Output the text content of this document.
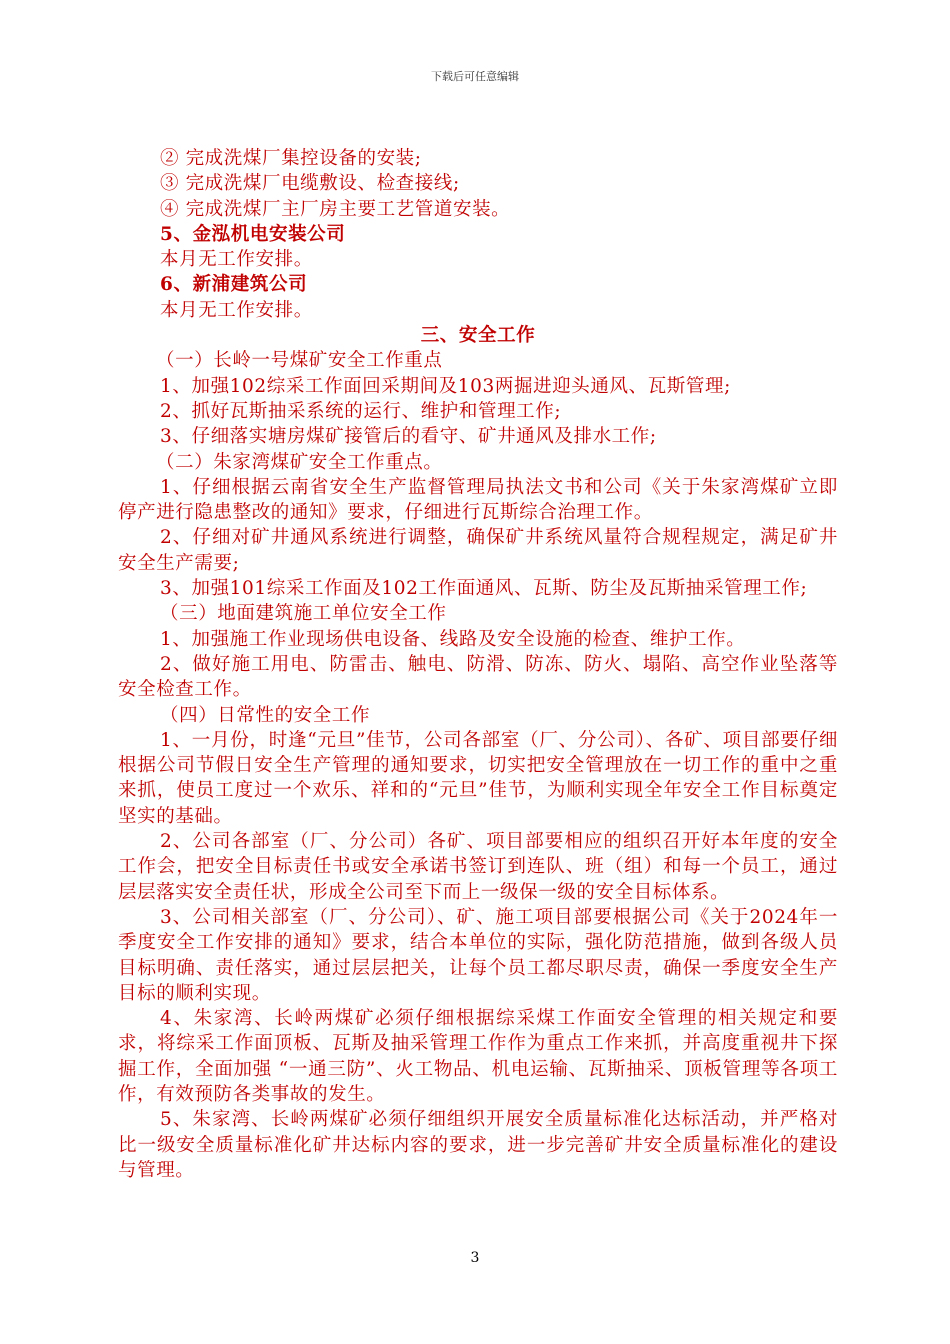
下载后可任意编辑

② 完成洗煤厂集控设备的安装;

③ 完成洗煤厂电缆敷设、检查接线;

④ 完成洗煤厂主厂房主要工艺管道安装。

5、金泓机电安装公司

本月无工作安排。

6、新浦建筑公司

本月无工作安排。

三、安全工作

（一）长岭一号煤矿安全工作重点

1、加强102综采工作面回采期间及103两掘进迎头通风、瓦斯管理;

2、抓好瓦斯抽采系统的运行、维护和管理工作;

3、仔细落实塘房煤矿接管后的看守、矿井通风及排水工作;

（二）朱家湾煤矿安全工作重点。

1、仔细根据云南省安全生产监督管理局执法文书和公司《关于朱家湾煤矿立即停产进行隐患整改的通知》要求，仔细进行瓦斯综合治理工作。

2、仔细对矿井通风系统进行调整，确保矿井系统风量符合规程规定，满足矿井安全生产需要;

3、加强101综采工作面及102工作面通风、瓦斯、防尘及瓦斯抽采管理工作;

（三）地面建筑施工单位安全工作

1、加强施工作业现场供电设备、线路及安全设施的检查、维护工作。

2、做好施工用电、防雷击、触电、防滑、防冻、防火、塌陷、高空作业坠落等安全检查工作。

（四）日常性的安全工作

1、一月份，时逢“元旦”佳节，公司各部室（厂、分公司）、各矿、项目部要仔细根据公司节假日安全生产管理的通知要求，切实把安全管理放在一切工作的重中之重来抓，使员工度过一个欢乐、祥和的“元旦”佳节，为顺利实现全年安全工作目标奠定坚实的基础。

2、公司各部室（厂、分公司）各矿、项目部要相应的组织召开好本年度的安全工作会，把安全目标责任书或安全承诺书签订到连队、班（组）和每一个员工，通过层层落实安全责任状，形成全公司至下而上一级保一级的安全目标体系。

3、公司相关部室（厂、分公司）、矿、施工项目部要根据公司《关于2024年一季度安全工作安排的通知》要求，结合本单位的实际，强化防范措施，做到各级人员目标明确、责任落实，通过层层把关，让每个员工都尽职尽责，确保一季度安全生产目标的顺利实现。

4、朱家湾、长岭两煤矿必须仔细根据综采煤工作面安全管理的相关规定和要求，将综采工作面顶板、瓦斯及抽采管理工作作为重点工作来抓，并高度重视井下探掘工作，全面加强 “一通三防”、火工物品、机电运输、瓦斯抽采、顶板管理等各项工作，有效预防各类事故的发生。

5、朱家湾、长岭两煤矿必须仔细组织开展安全质量标准化达标活动，并严格对比一级安全质量标准化矿井达标内容的要求，进一步完善矿井安全质量标准化的建设与管理。

3
